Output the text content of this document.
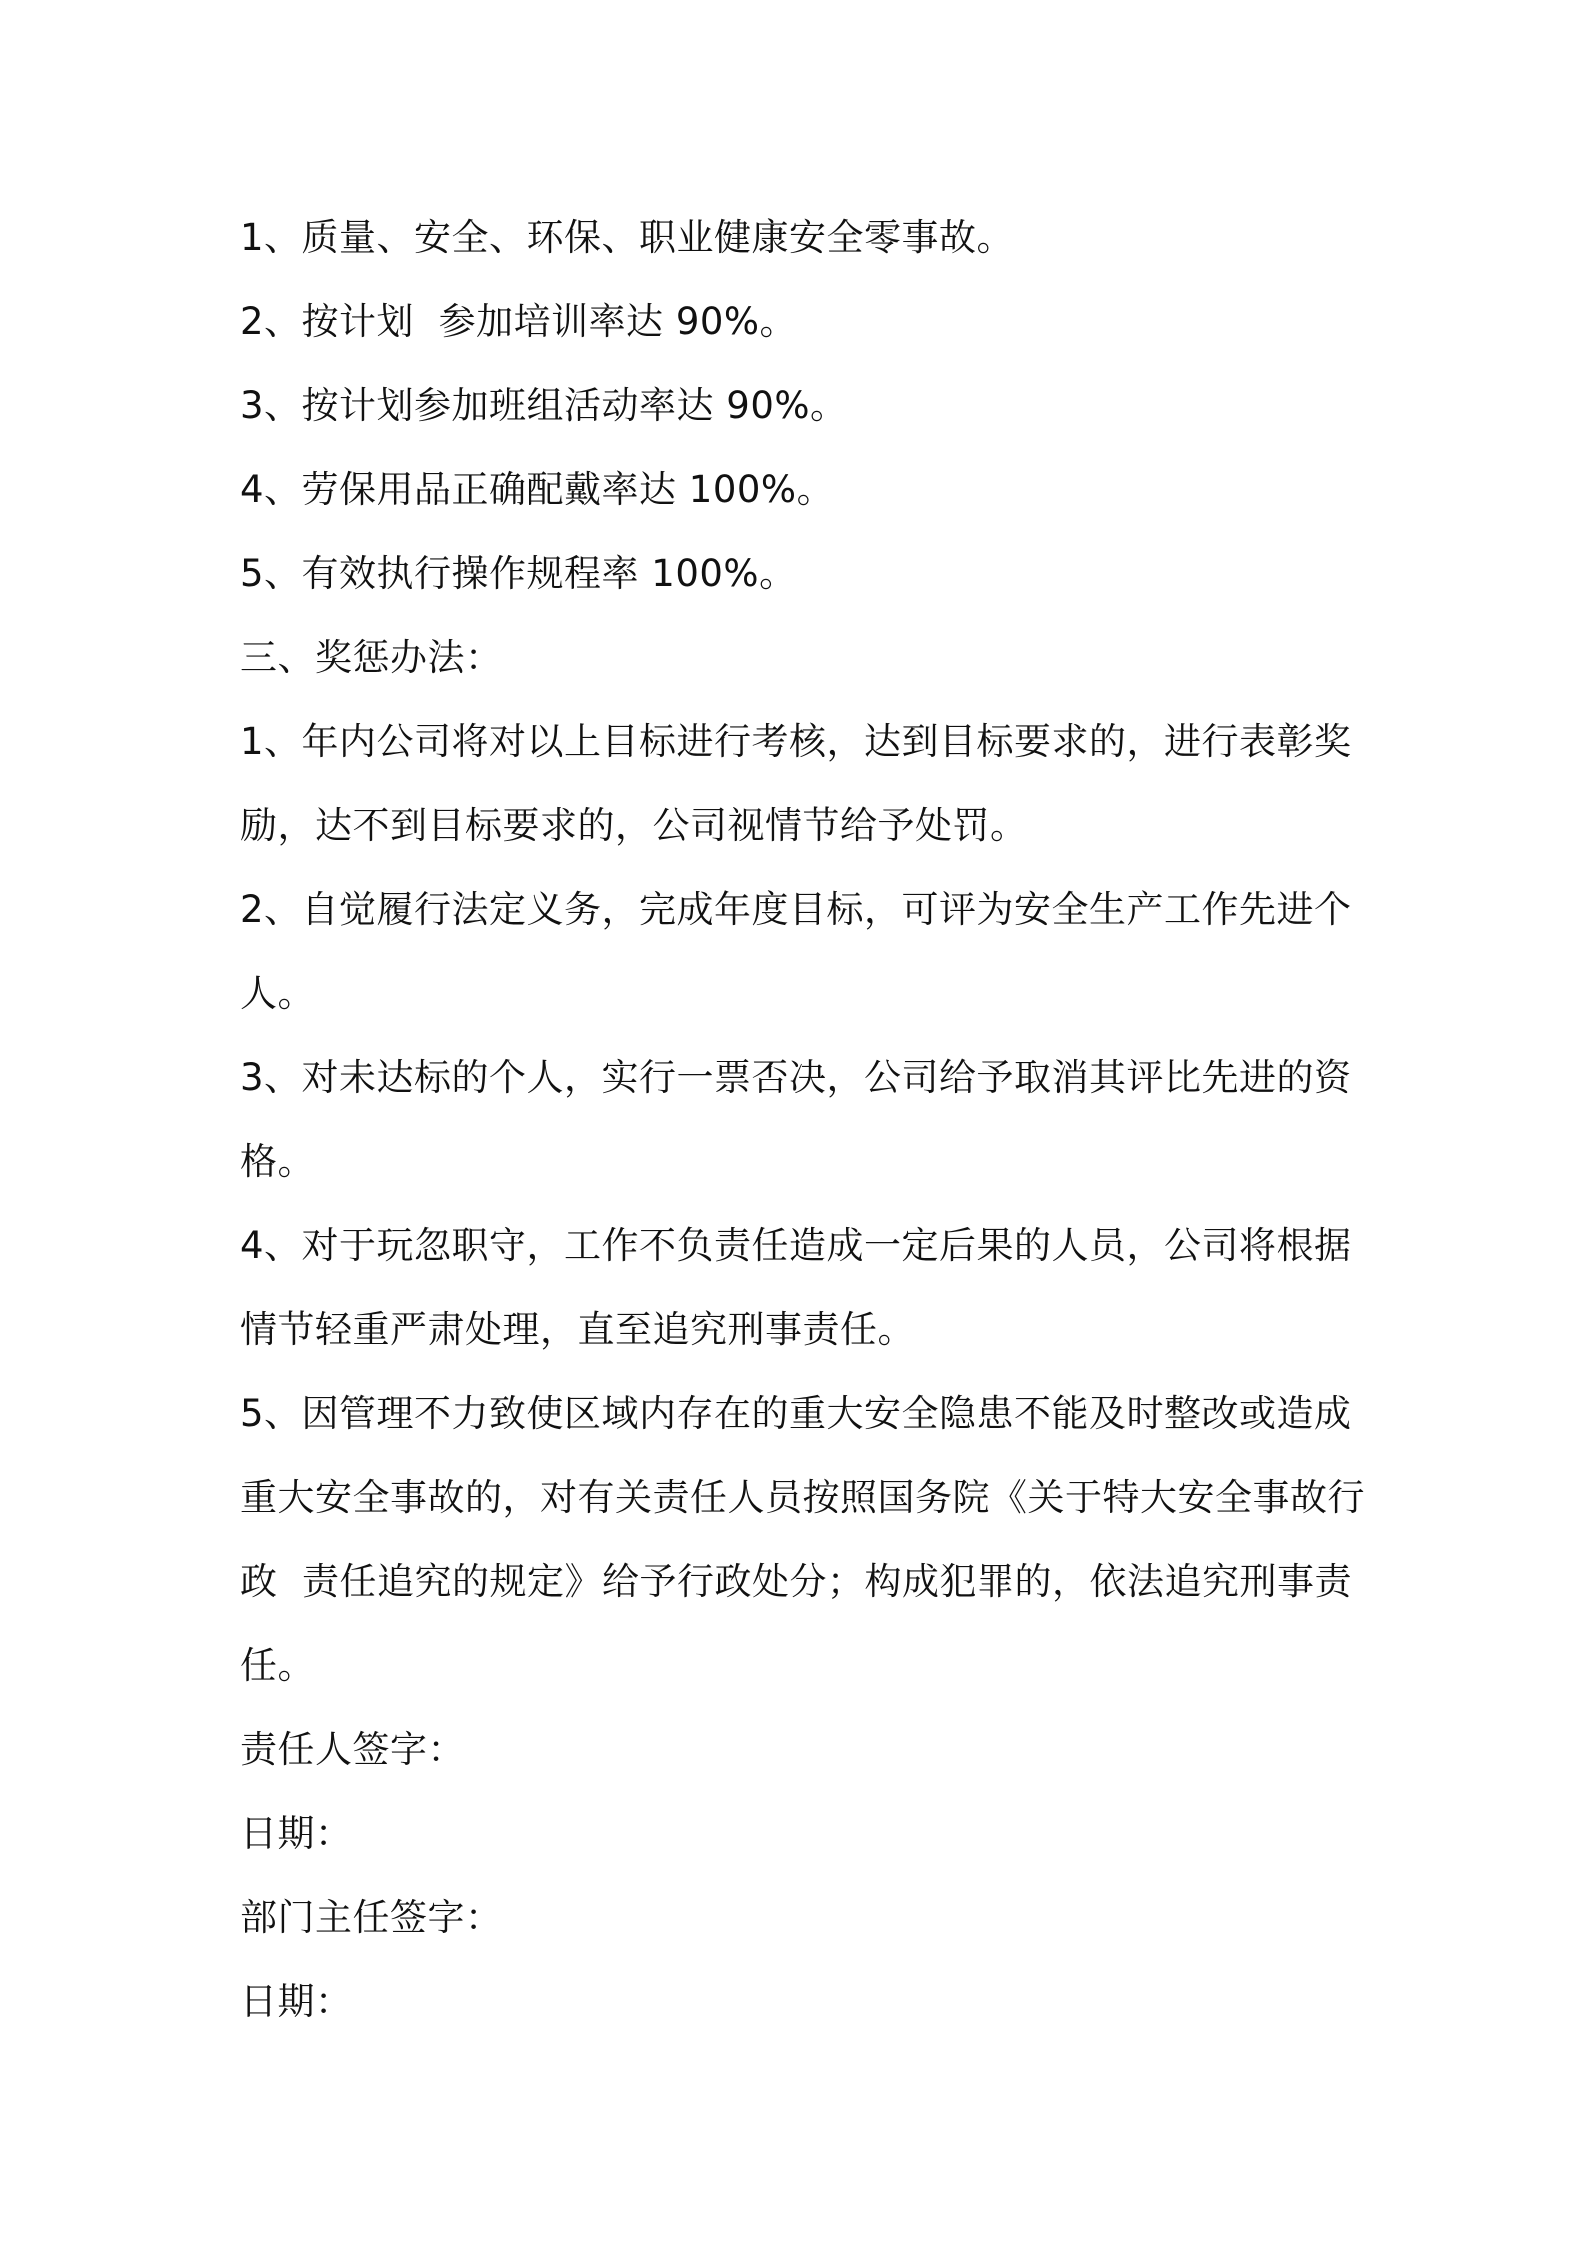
1、质量、安全、环保、职业健康安全零事故。
2、按计划  参加培训率达 90%。
3、按计划参加班组活动率达 90%。
4、劳保用品正确配戴率达 100%。
5、有效执行操作规程率 100%。
三、奖惩办法：
1、年内公司将对以上目标进行考核，达到目标要求的，进行表彰奖
励，达不到目标要求的，公司视情节给予处罚。
2、自觉履行法定义务，完成年度目标，可评为安全生产工作先进个
人。
3、对未达标的个人，实行一票否决，公司给予取消其评比先进的资
格。
4、对于玩忽职守，工作不负责任造成一定后果的人员，公司将根据
情节轻重严肃处理，直至追究刑事责任。
5、因管理不力致使区域内存在的重大安全隐患不能及时整改或造成
重大安全事故的，对有关责任人员按照国务院《关于特大安全事故行
政  责任追究的规定》给予行政处分；构成犯罪的，依法追究刑事责
任。
责任人签字：
日期：
部门主任签字：
日期：
